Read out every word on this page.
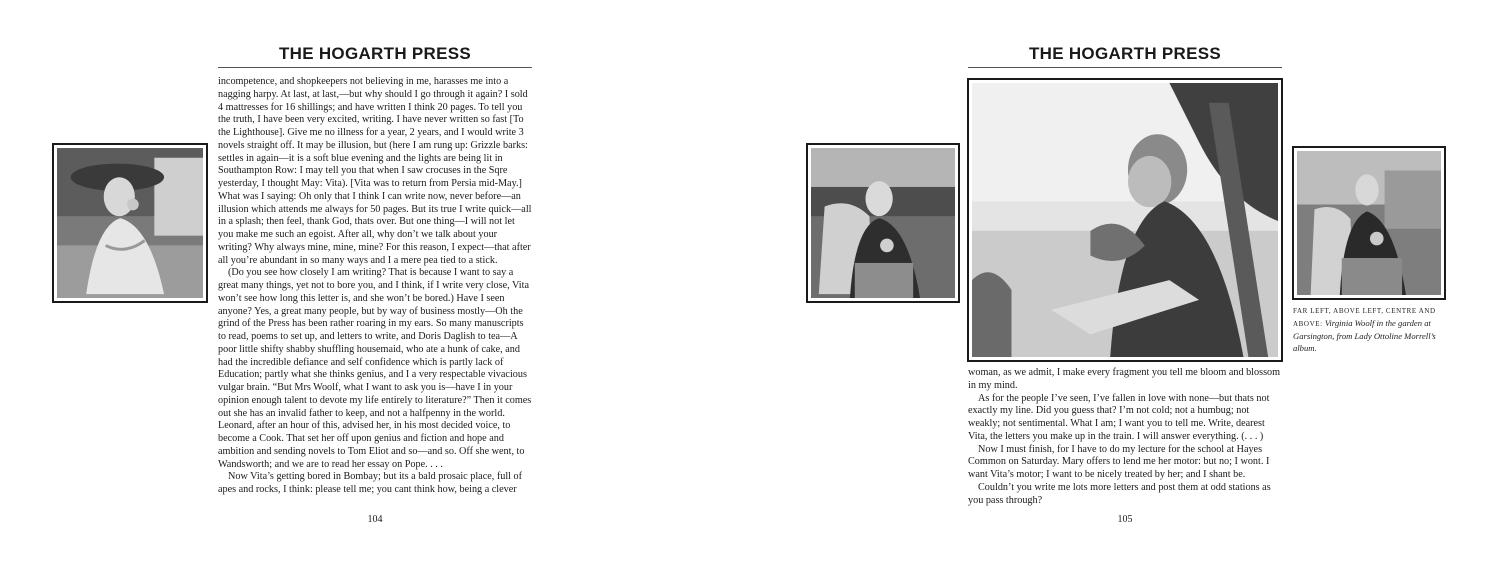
THE HOGARTH PRESS

incompetence, and shopkeepers not believing in me, harasses me into a nagging harpy. At last, at last,—but why should I go through it again? I sold 4 mattresses for 16 shillings; and have written I think 20 pages. To tell you the truth, I have been very excited, writing. I have never written so fast [To the Lighthouse]. Give me no illness for a year, 2 years, and I would write 3 novels straight off. It may be illusion, but (here I am rung up: Grizzle barks: settles in again—it is a soft blue evening and the lights are being lit in Southampton Row: I may tell you that when I saw crocuses in the Sqre yesterday, I thought May: Vita). [Vita was to return from Persia mid-May.] What was I saying: Oh only that I think I can write now, never before—an illusion which attends me always for 50 pages. But its true I write quick—all in a splash; then feel, thank God, thats over. But one thing—I will not let you make me such an egoist. After all, why don’t we talk about your writing? Why always mine, mine, mine? For this reason, I expect—that after all you’re abundant in so many ways and I a mere pea tied to a stick.

(Do you see how closely I am writing? That is because I want to say a great many things, yet not to bore you, and I think, if I write very close, Vita won’t see how long this letter is, and she won’t be bored.) Have I seen anyone? Yes, a great many people, but by way of business mostly—Oh the grind of the Press has been rather roaring in my ears. So many manuscripts to read, poems to set up, and letters to write, and Doris Daglish to tea—A poor little shifty shabby shuffling housemaid, who ate a hunk of cake, and had the incredible defiance and self confidence which is partly lack of Education; partly what she thinks genius, and I a very respectable vivacious vulgar brain. “But Mrs Woolf, what I want to ask you is—have I in your opinion enough talent to devote my life entirely to literature?” Then it comes out she has an invalid father to keep, and not a halfpenny in the world. Leonard, after an hour of this, advised her, in his most decided voice, to become a Cook. That set her off upon genius and fiction and hope and ambition and sending novels to Tom Eliot and so—and so. Off she went, to Wandsworth; and we are to read her essay on Pope. . . .

Now Vita’s getting bored in Bombay; but its a bald prosaic place, full of apes and rocks, I think: please tell me; you cant think how, being a clever

104
THE HOGARTH PRESS
FAR LEFT, ABOVE LEFT, CENTRE AND ABOVE: Virginia Woolf in the garden at Garsington, from Lady Ottoline Morrell’s album.

woman, as we admit, I make every fragment you tell me bloom and blossom in my mind.

As for the people I’ve seen, I’ve fallen in love with none—but thats not exactly my line. Did you guess that? I’m not cold; not a humbug; not weakly; not sentimental. What I am; I want you to tell me. Write, dearest Vita, the letters you make up in the train. I will answer everything. (. . . )

Now I must finish, for I have to do my lecture for the school at Hayes Common on Saturday. Mary offers to lend me her motor: but no; I wont. I want Vita’s motor; I want to be nicely treated by her; and I shant be.

Couldn’t you write me lots more letters and post them at odd stations as you pass through?

105
